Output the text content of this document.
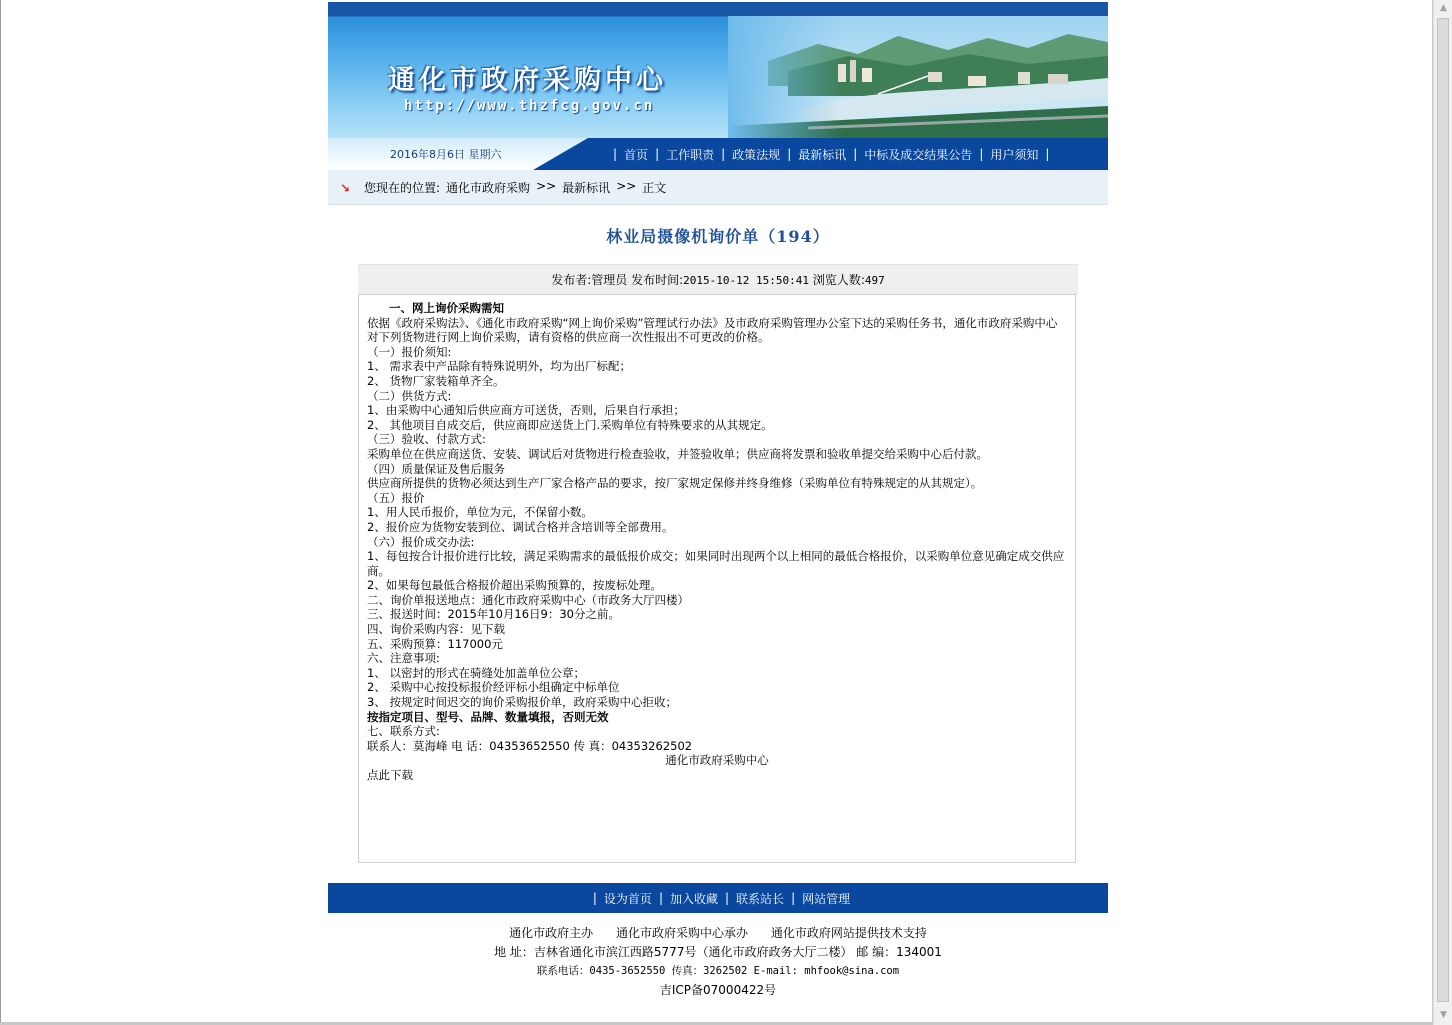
▲
▼
通化市政府采购中心
http://www.thzfcg.gov.cn
2016年8月6日 星期六	| 首页 | 工作职责 | 政策法规 | 最新标讯 | 中标及成交结果公告 | 用户须知 |
↘ 您现在的位置: 通化市政府采购 >> 最新标讯 >> 正文
林业局摄像机询价单（194）
发布者:管理员 发布时间:2015-10-12 15:50:41 浏览人数:497

一、网上询价采购需知

依据《政府采购法》、《通化市政府采购“网上询价采购”管理试行办法》及市政府采购管理办公室下达的采购任务书，通化市政府采购中心对下列货物进行网上询价采购，请有资格的供应商一次性报出不可更改的价格。

（一）报价须知:

1、 需求表中产品除有特殊说明外，均为出厂标配；

2、 货物厂家装箱单齐全。

（二）供货方式:

1、由采购中心通知后供应商方可送货，否则，后果自行承担；

2、 其他项目自成交后，供应商即应送货上门.采购单位有特殊要求的从其规定。

（三）验收、付款方式:

采购单位在供应商送货、安装、调试后对货物进行检查验收，并签验收单；供应商将发票和验收单提交给采购中心后付款。

（四）质量保证及售后服务

供应商所提供的货物必须达到生产厂家合格产品的要求，按厂家规定保修并终身维修（采购单位有特殊规定的从其规定）。

（五）报价

1、用人民币报价，单位为元，不保留小数。

2、报价应为货物安装到位、调试合格并含培训等全部费用。

（六）报价成交办法:

1、每包按合计报价进行比较，满足采购需求的最低报价成交；如果同时出现两个以上相同的最低合格报价，以采购单位意见确定成交供应商。

2、如果每包最低合格报价超出采购预算的，按废标处理。

二、询价单报送地点：通化市政府采购中心（市政务大厅四楼）

三、报送时间：2015年10月16日9：30分之前。

四、询价采购内容：见下载

五、采购预算：117000元

六、注意事项:

1、 以密封的形式在骑缝处加盖单位公章；

2、 采购中心按投标报价经评标小组确定中标单位

3、 按规定时间迟交的询价采购报价单，政府采购中心拒收；

按指定项目、型号、品牌、数量填报，否则无效

七、联系方式:

联系人：莫海峰 电 话：04353652550 传 真：04353262502

通化市政府采购中心

点此下载

| 设为首页 | 加入收藏 | 联系站长 | 网站管理
通化市政府主办      通化市政府采购中心承办      通化市政府网站提供技术支持
地 址：吉林省通化市滨江西路5777号（通化市政府政务大厅二楼） 邮 编：134001
联系电话：0435-3652550 传真：3262502 E-mail: mhfook@sina.com
吉ICP备07000422号
